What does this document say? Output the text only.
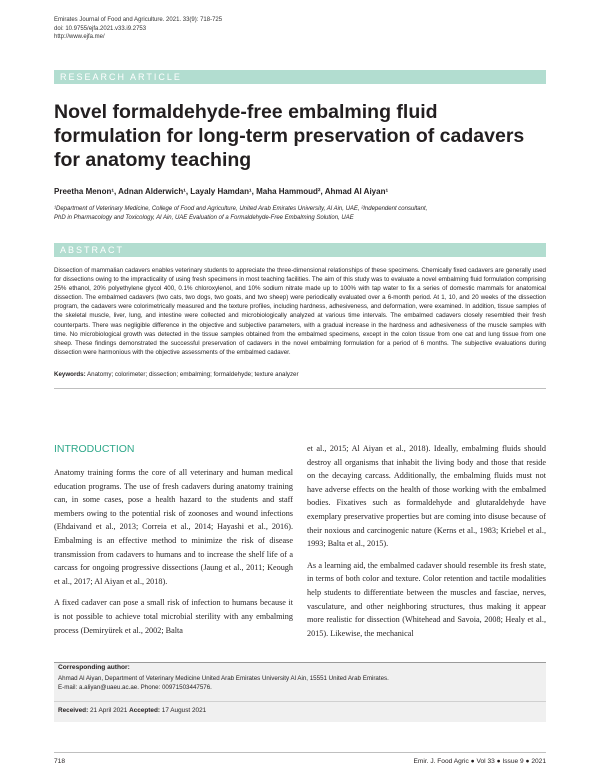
Emirates Journal of Food and Agriculture. 2021. 33(9): 718-725
doi: 10.9755/ejfa.2021.v33.i9.2753
http://www.ejfa.me/
RESEARCH ARTICLE
Novel formaldehyde-free embalming fluid formulation for long-term preservation of cadavers for anatomy teaching
Preetha Menon¹, Adnan Alderwich¹, Layaly Hamdan¹, Maha Hammoud², Ahmad Al Aiyan¹
¹Department of Veterinary Medicine, College of Food and Agriculture, United Arab Emirates University, Al Ain, UAE, ²Independent consultant,
PhD in Pharmacology and Toxicology, Al Ain, UAE Evaluation of a Formaldehyde-Free Embalming Solution, UAE
ABSTRACT
Dissection of mammalian cadavers enables veterinary students to appreciate the three-dimensional relationships of these specimens. Chemically fixed cadavers are generally used for dissections owing to the impracticality of using fresh specimens in most teaching facilities. The aim of this study was to evaluate a novel embalming fluid formulation comprising 25% ethanol, 20% polyethylene glycol 400, 0.1% chloroxylenol, and 10% sodium nitrate made up to 100% with tap water to fix a series of domestic mammals for anatomical dissection. The embalmed cadavers (two cats, two dogs, two goats, and two sheep) were periodically evaluated over a 6-month period. At 1, 10, and 20 weeks of the dissection program, the cadavers were colorimetrically measured and the texture profiles, including hardness, adhesiveness, and deformation, were examined. In addition, tissue samples of the skeletal muscle, liver, lung, and intestine were collected and microbiologically analyzed at various time intervals. The embalmed cadavers closely resembled their fresh counterparts. There was negligible difference in the objective and subjective parameters, with a gradual increase in the hardness and adhesiveness of the muscle samples with time. No microbiological growth was detected in the tissue samples obtained from the embalmed specimens, except in the colon tissue from one cat and lung tissue from one sheep. These findings demonstrated the successful preservation of cadavers in the novel embalming formulation for a period of 6 months. The subjective evaluations during dissection were harmonious with the objective assessments of the embalmed cadaver.
Keywords: Anatomy; colorimeter; dissection; embalming; formaldehyde; texture analyzer
INTRODUCTION

Anatomy training forms the core of all veterinary and human medical education programs. The use of fresh cadavers during anatomy training can, in some cases, pose a health hazard to the students and staff members owing to the potential risk of zoonoses and wound infections (Ehdaivand et al., 2013; Correia et al., 2014; Hayashi et al., 2016). Embalming is an effective method to minimize the risk of disease transmission from cadavers to humans and to increase the shelf life of a carcass for ongoing progressive dissections (Jaung et al., 2011; Keough et al., 2017; Al Aiyan et al., 2018).

A fixed cadaver can pose a small risk of infection to humans because it is not possible to achieve total microbial sterility with any embalming process (Demiryürek et al., 2002; Balta

et al., 2015; Al Aiyan et al., 2018). Ideally, embalming fluids should destroy all organisms that inhabit the living body and those that reside on the decaying carcass. Additionally, the embalming fluids must not have adverse effects on the health of those working with the embalmed bodies. Fixatives such as formaldehyde and glutaraldehyde have exemplary preservative properties but are coming into disuse because of their noxious and carcinogenic nature (Kerns et al., 1983; Kriebel et al., 1993; Balta et al., 2015).

As a learning aid, the embalmed cadaver should resemble its fresh state, in terms of both color and texture. Color retention and tactile modalities help students to differentiate between the muscles and fasciae, nerves, vasculature, and other neighboring structures, thus making it appear more realistic for dissection (Whitehead and Savoia, 2008; Healy et al., 2015). Likewise, the mechanical

Corresponding author:
Ahmad Al Aiyan, Department of Veterinary Medicine United Arab Emirates University Al Ain, 15551 United Arab Emirates.
E-mail: a.aliyan@uaeu.ac.ae. Phone: 00971503447576.
Received: 21 April 2021 Accepted: 17 August 2021
718	Emir. J. Food Agric ● Vol 33 ● Issue 9 ● 2021
